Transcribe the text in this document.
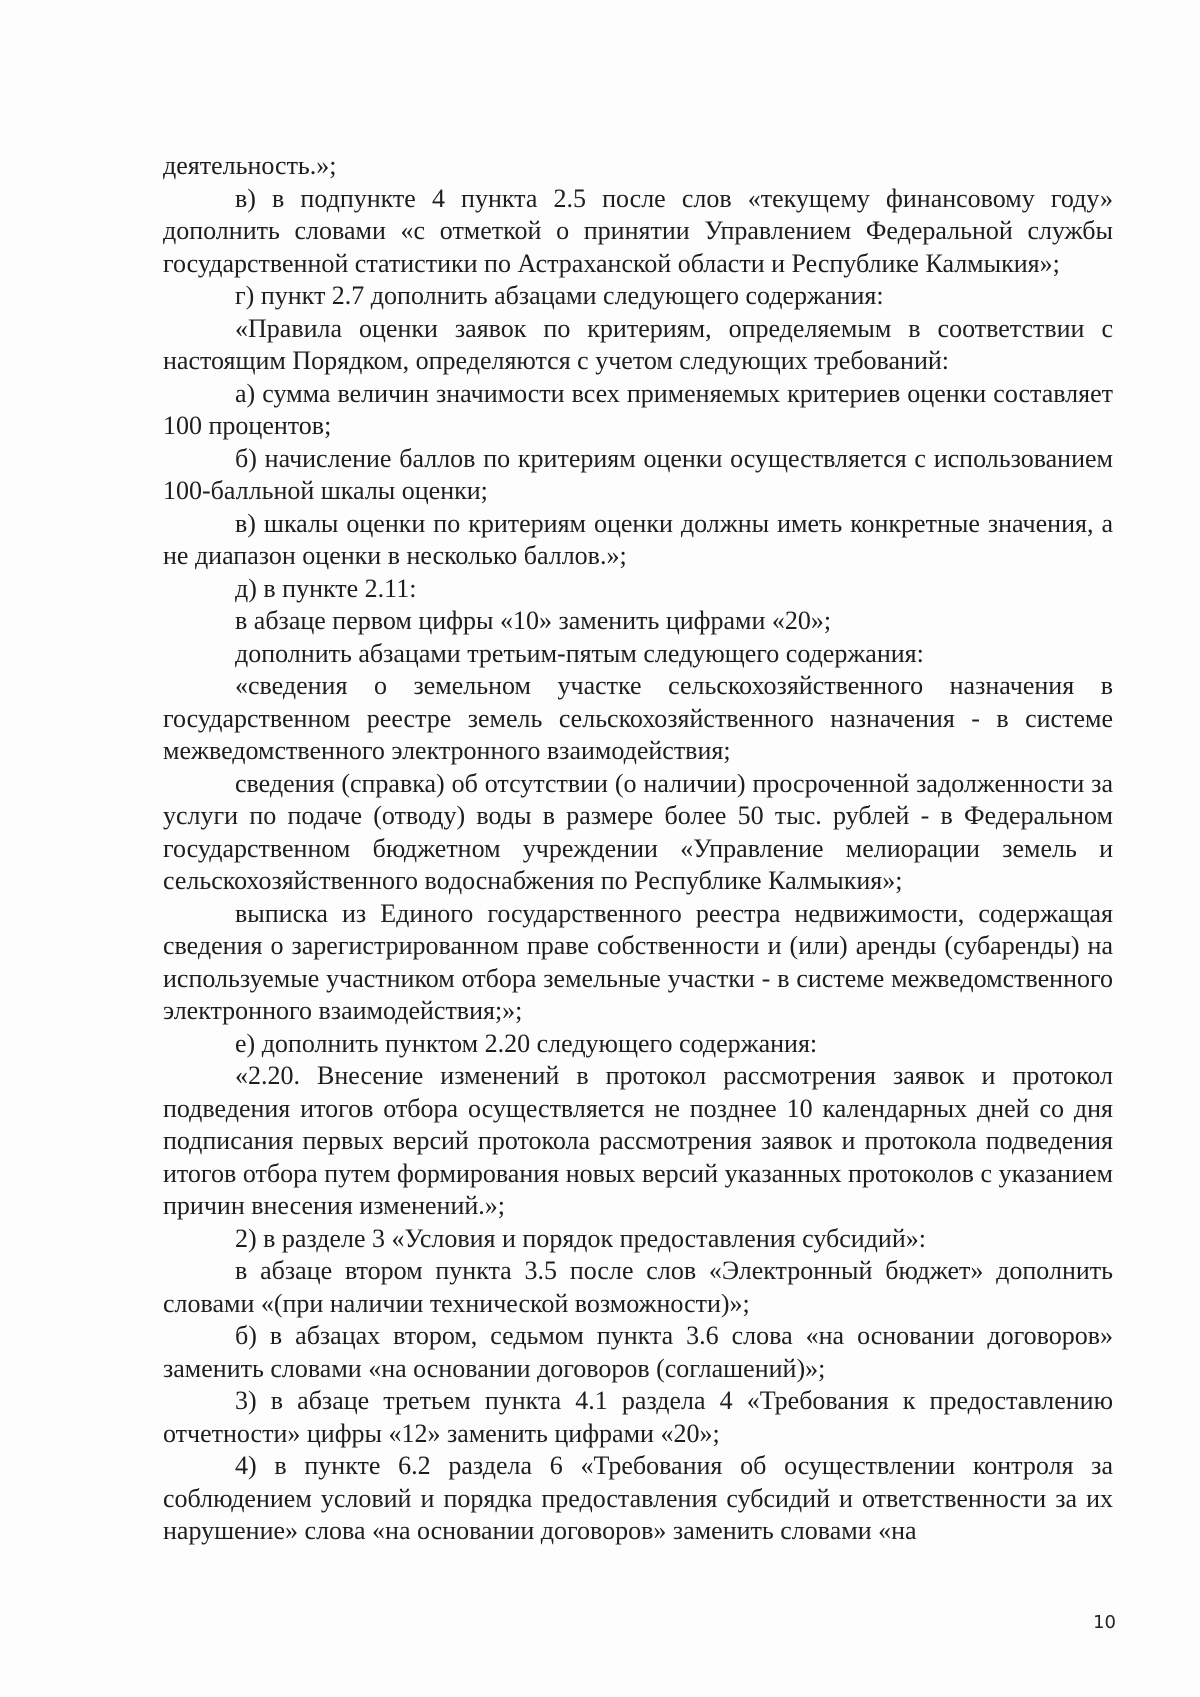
деятельность.»;

в) в подпункте 4 пункта 2.5 после слов «текущему финансовому году» дополнить словами «с отметкой о принятии Управлением Федеральной службы государственной статистики по Астраханской области и Республике Калмыкия»;

г) пункт 2.7 дополнить абзацами следующего содержания:

«Правила оценки заявок по критериям, определяемым в соответствии с настоящим Порядком, определяются с учетом следующих требований:

а) сумма величин значимости всех применяемых критериев оценки составляет 100 процентов;

б) начисление баллов по критериям оценки осуществляется с использованием 100-балльной шкалы оценки;

в) шкалы оценки по критериям оценки должны иметь конкретные значения, а не диапазон оценки в несколько баллов.»;

д) в пункте 2.11:

в абзаце первом цифры «10» заменить цифрами «20»;

дополнить абзацами третьим-пятым следующего содержания:

«сведения о земельном участке сельскохозяйственного назначения в государственном реестре земель сельскохозяйственного назначения - в системе межведомственного электронного взаимодействия;

сведения (справка) об отсутствии (о наличии) просроченной задолженности за услуги по подаче (отводу) воды в размере более 50 тыс. рублей - в Федеральном государственном бюджетном учреждении «Управление мелиорации земель и сельскохозяйственного водоснабжения по Республике Калмыкия»;

выписка из Единого государственного реестра недвижимости, содержащая сведения о зарегистрированном праве собственности и (или) аренды (субаренды) на используемые участником отбора земельные участки - в системе межведомственного электронного взаимодействия;»;

е) дополнить пунктом 2.20 следующего содержания:

«2.20. Внесение изменений в протокол рассмотрения заявок и протокол подведения итогов отбора осуществляется не позднее 10 календарных дней со дня подписания первых версий протокола рассмотрения заявок и протокола подведения итогов отбора путем формирования новых версий указанных протоколов с указанием причин внесения изменений.»;

2) в разделе 3 «Условия и порядок предоставления субсидий»:

в абзаце втором пункта 3.5 после слов «Электронный бюджет» дополнить словами «(при наличии технической возможности)»;

б) в абзацах втором, седьмом пункта 3.6 слова «на основании договоров» заменить словами «на основании договоров (соглашений)»;

3) в абзаце третьем пункта 4.1 раздела 4 «Требования к предоставлению отчетности» цифры «12» заменить цифрами «20»;

4) в пункте 6.2 раздела 6 «Требования об осуществлении контроля за соблюдением условий и порядка предоставления субсидий и ответственности за их нарушение» слова «на основании договоров» заменить словами «на

10
